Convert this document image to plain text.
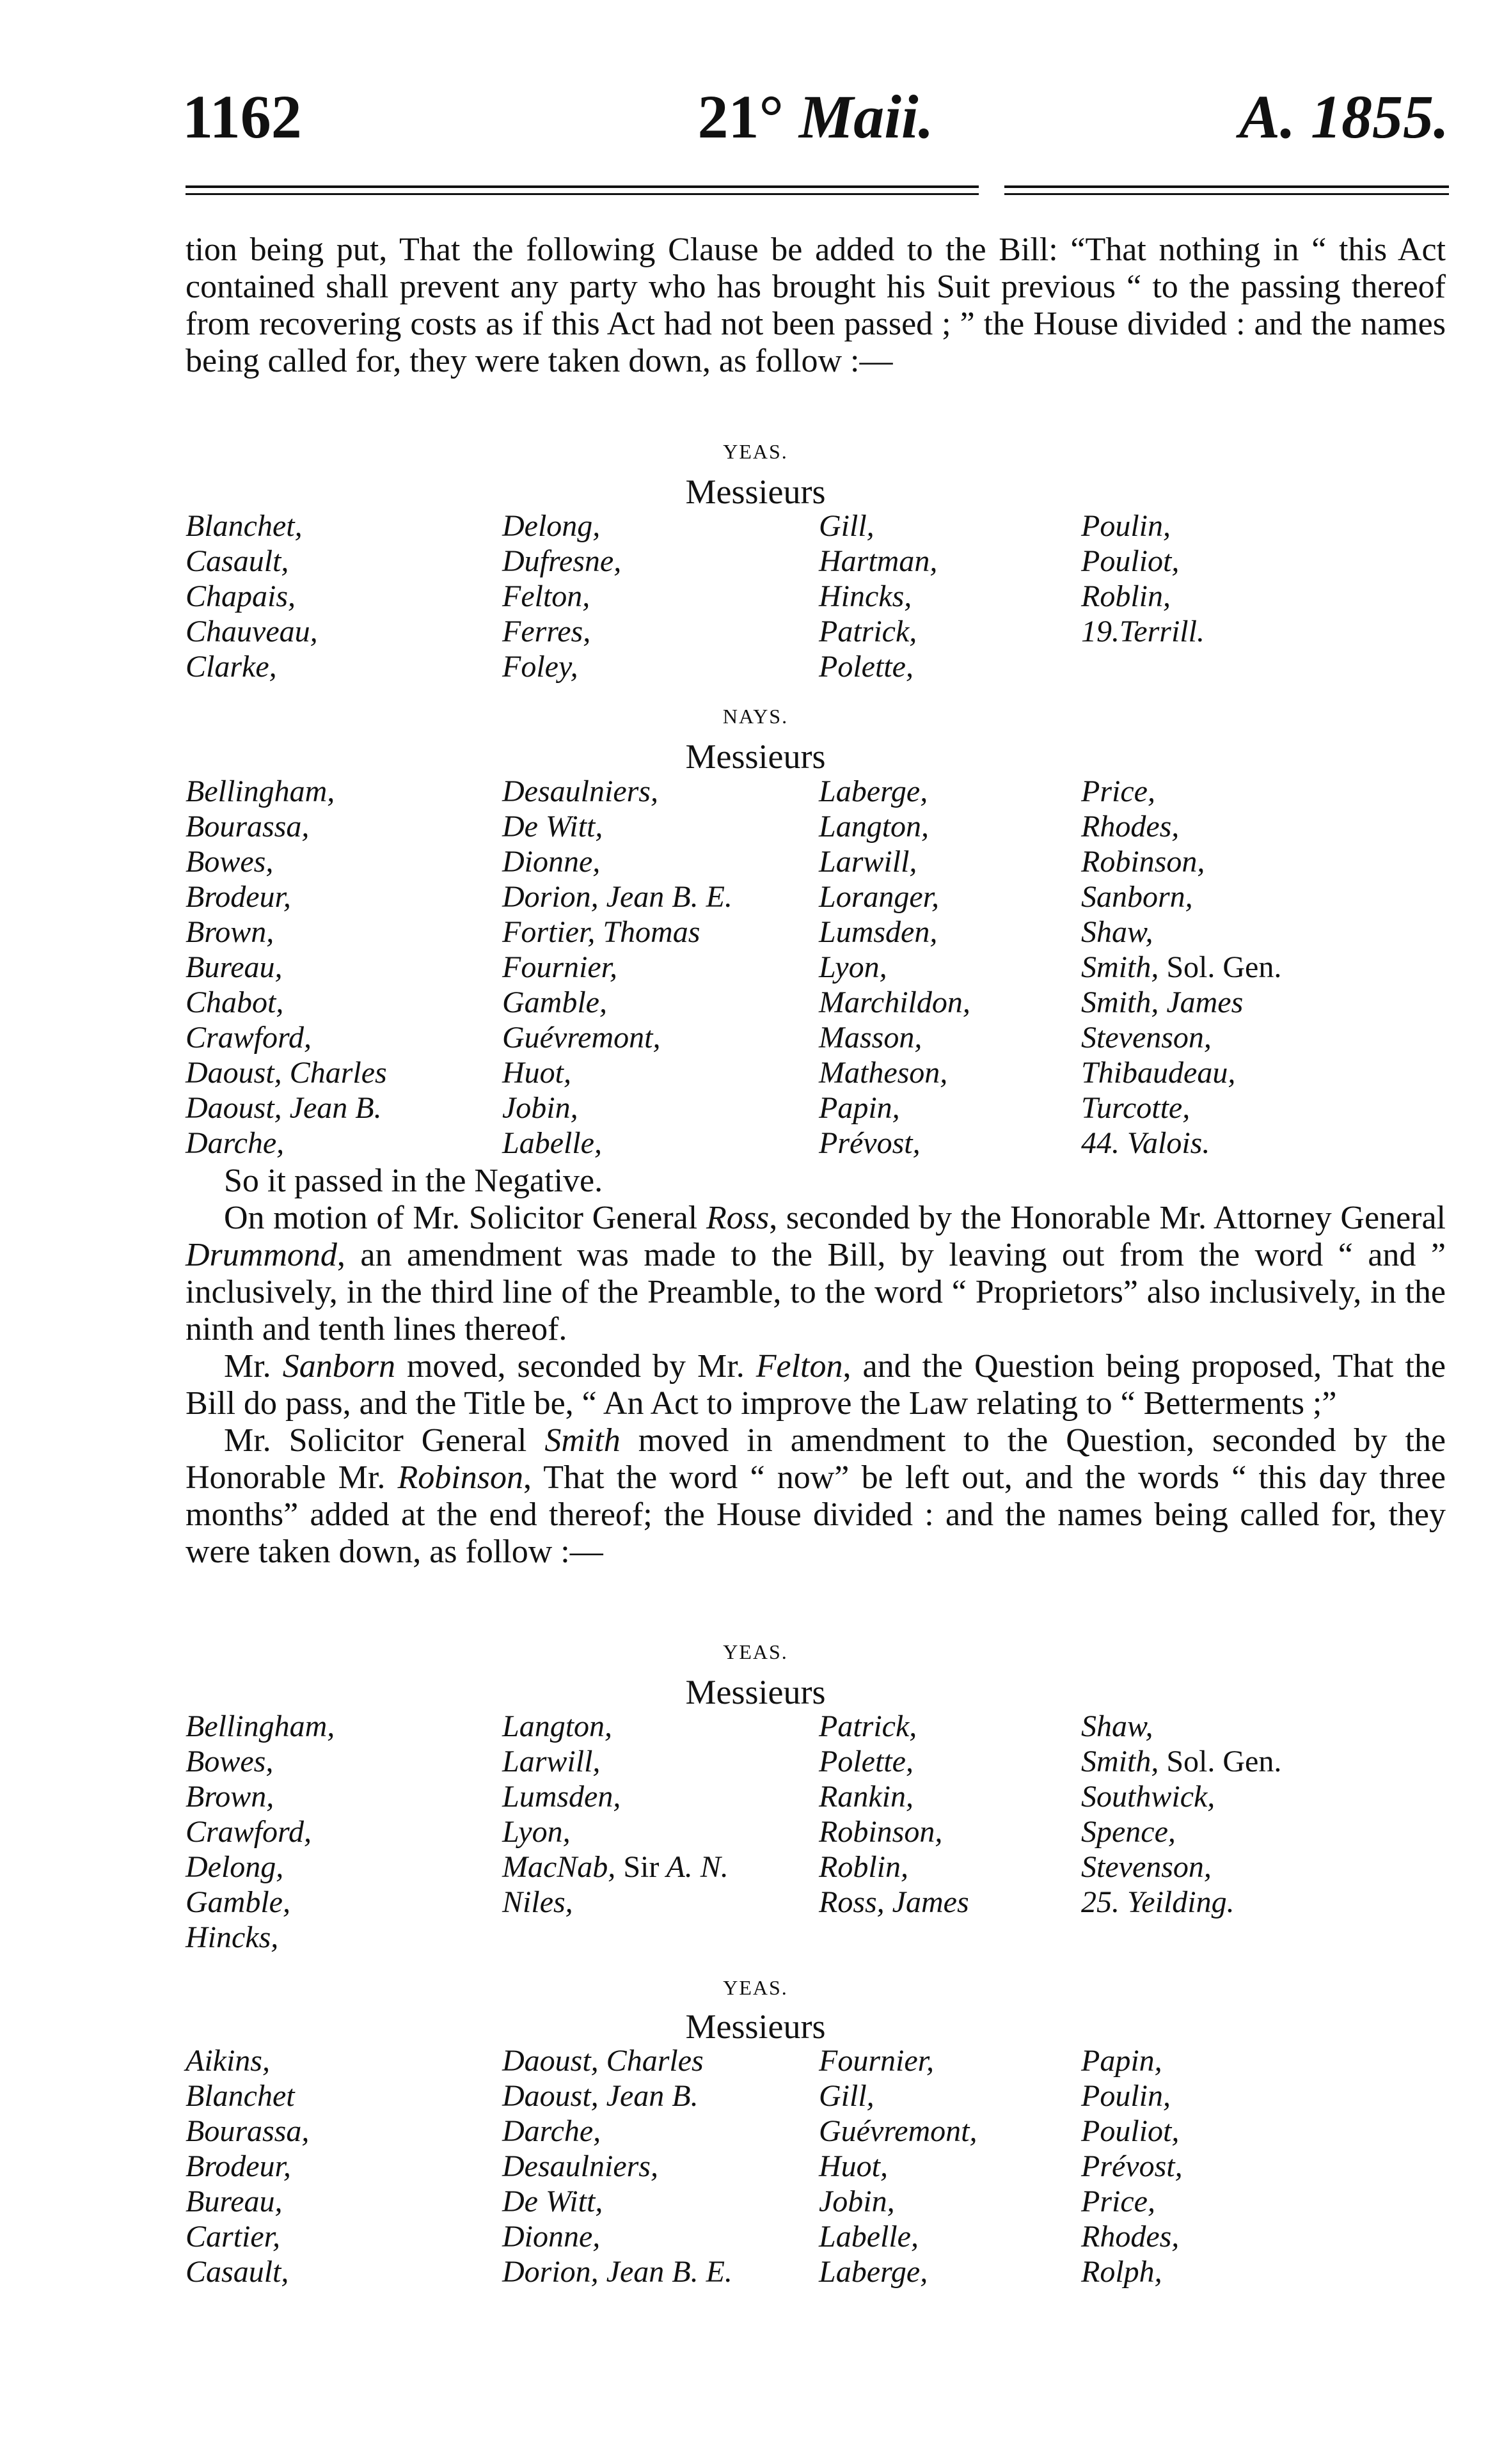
1162	21° Maii.	A. 1855.

tion being put, That the following Clause be added to the Bill: “That nothing in “ this Act contained shall prevent any party who has brought his Suit previous “ to the passing thereof from recovering costs as if this Act had not been passed ; ” the House divided : and the names being called for, they were taken down, as follow :—

YEAS.
Messieurs
Blanchet,
Casault,
Chapais,
Chauveau,
Clarke,
Delong,
Dufresne,
Felton,
Ferres,
Foley,
Gill,
Hartman,
Hincks,
Patrick,
Polette,
Poulin,
Pouliot,
Roblin,
19.Terrill.
NAYS.
Messieurs
Bellingham,
Bourassa,
Bowes,
Brodeur,
Brown,
Bureau,
Chabot,
Crawford,
Daoust, Charles
Daoust, Jean B.
Darche,
Desaulniers,
De Witt,
Dionne,
Dorion, Jean B. E.
Fortier, Thomas
Fournier,
Gamble,
Guévremont,
Huot,
Jobin,
Labelle,
Laberge,
Langton,
Larwill,
Loranger,
Lumsden,
Lyon,
Marchildon,
Masson,
Matheson,
Papin,
Prévost,
Price,
Rhodes,
Robinson,
Sanborn,
Shaw,
Smith, Sol. Gen.
Smith, James
Stevenson,
Thibaudeau,
Turcotte,
44. Valois.

So it passed in the Negative.

On motion of Mr. Solicitor General Ross, seconded by the Honorable Mr. Attorney General Drummond, an amendment was made to the Bill, by leaving out from the word “ and ” inclusively, in the third line of the Preamble, to the word “ Proprietors” also inclusively, in the ninth and tenth lines thereof.

Mr. Sanborn moved, seconded by Mr. Felton, and the Question being proposed, That the Bill do pass, and the Title be, “ An Act to improve the Law relating to “ Betterments ;”

Mr. Solicitor General Smith moved in amendment to the Question, seconded by the Honorable Mr. Robinson, That the word “ now” be left out, and the words “ this day three months” added at the end thereof; the House divided : and the names being called for, they were taken down, as follow :—

YEAS.
Messieurs
Bellingham,
Bowes,
Brown,
Crawford,
Delong,
Gamble,
Hincks,
Langton,
Larwill,
Lumsden,
Lyon,
MacNab, Sir A. N.
Niles,
Patrick,
Polette,
Rankin,
Robinson,
Roblin,
Ross, James
Shaw,
Smith, Sol. Gen.
Southwick,
Spence,
Stevenson,
25. Yeilding.
YEAS.
Messieurs
Aikins,
Blanchet
Bourassa,
Brodeur,
Bureau,
Cartier,
Casault,
Daoust, Charles
Daoust, Jean B.
Darche,
Desaulniers,
De Witt,
Dionne,
Dorion, Jean B. E.
Fournier,
Gill,
Guévremont,
Huot,
Jobin,
Labelle,
Laberge,
Papin,
Poulin,
Pouliot,
Prévost,
Price,
Rhodes,
Rolph,
